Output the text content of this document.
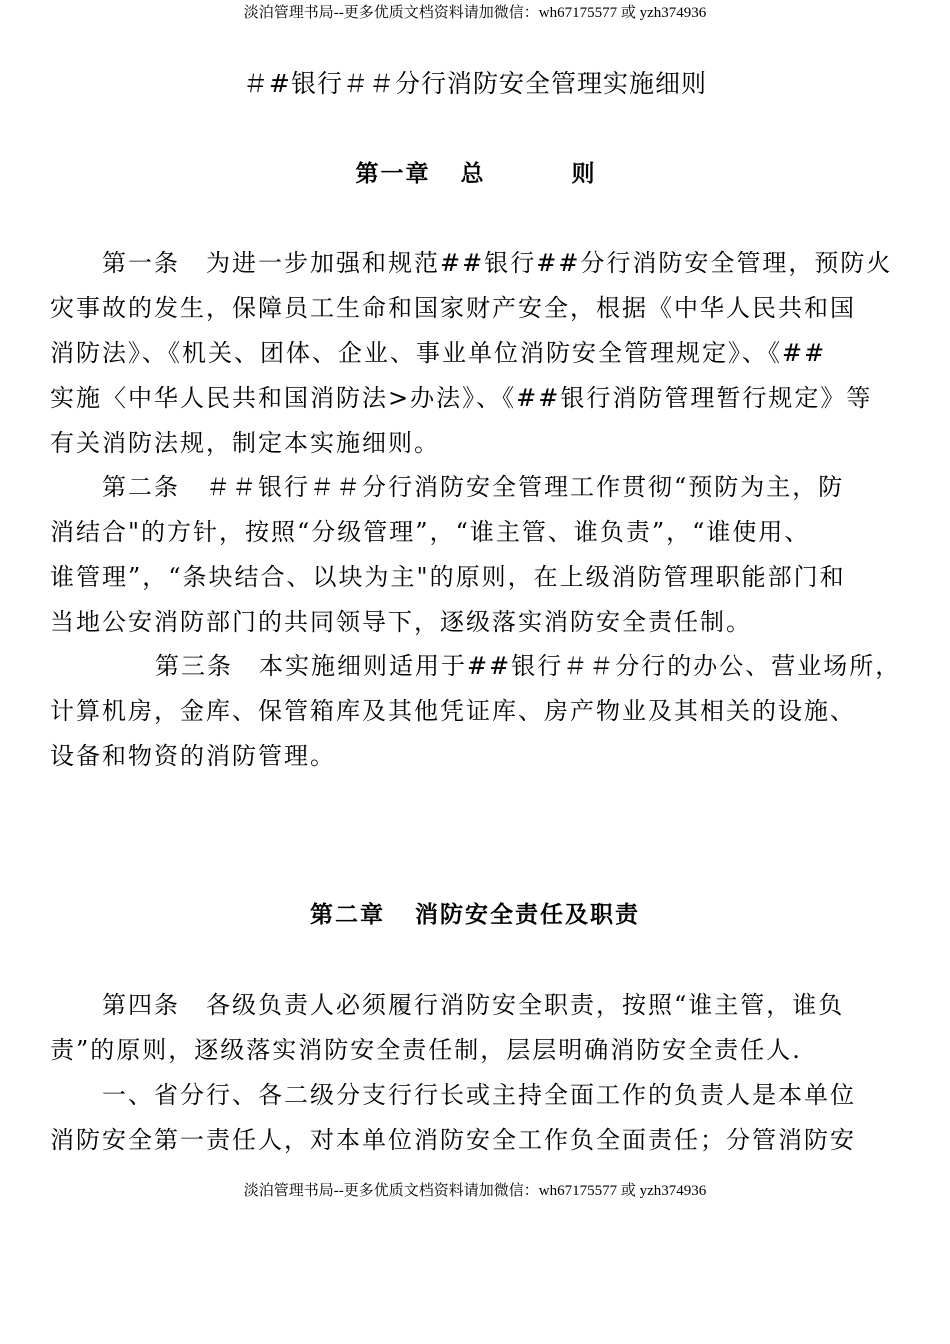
淡泊管理书局--更多优质文档资料请加微信：wh67175577 或 yzh374936
＃#银行＃＃分行消防安全管理实施细则
第一章 总则
第一条 为进一步加强和规范##银行##分行消防安全管理，预防火
灾事故的发生，保障员工生命和国家财产安全，根据《中华人民共和国
消防法》、《机关、团体、企业、事业单位消防安全管理规定》、《##
实施〈中华人民共和国消防法>办法》、《##银行消防管理暂行规定》等
有关消防法规，制定本实施细则。
第二条 ＃＃银行＃＃分行消防安全管理工作贯彻“预防为主，防
消结合"的方针，按照“分级管理”，“谁主管、谁负责”，“谁使用、
谁管理”，“条块结合、以块为主"的原则，在上级消防管理职能部门和
当地公安消防部门的共同领导下，逐级落实消防安全责任制。
第三条 本实施细则适用于##银行＃＃分行的办公、营业场所，
计算机房，金库、保管箱库及其他凭证库、房产物业及其相关的设施、
设备和物资的消防管理。
第二章 消防安全责任及职责
第四条 各级负责人必须履行消防安全职责，按照“谁主管，谁负
责”的原则，逐级落实消防安全责任制，层层明确消防安全责任人.
一、省分行、各二级分支行行长或主持全面工作的负责人是本单位
消防安全第一责任人，对本单位消防安全工作负全面责任；分管消防安
淡泊管理书局--更多优质文档资料请加微信：wh67175577 或 yzh374936
